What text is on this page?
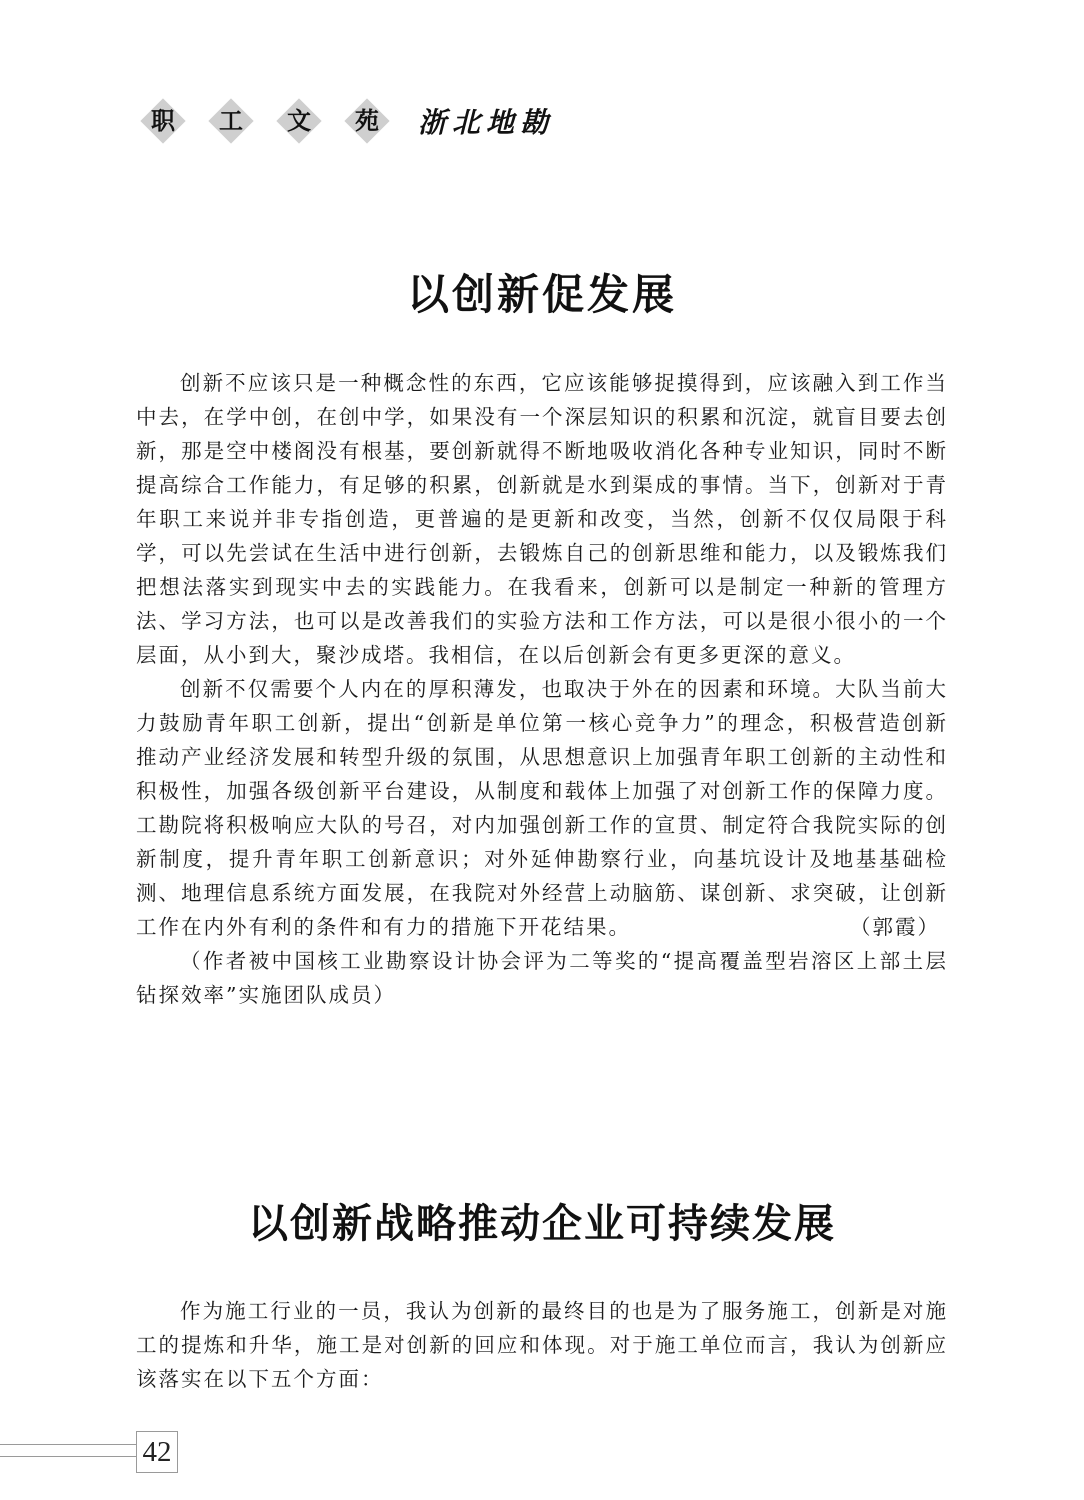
职	工	文	苑	浙北地勘
以创新促发展

创新不应该只是一种概念性的东西，它应该能够捉摸得到，应该融入到工作当中去，在学中创，在创中学，如果没有一个深层知识的积累和沉淀，就盲目要去创新，那是空中楼阁没有根基，要创新就得不断地吸收消化各种专业知识，同时不断提高综合工作能力，有足够的积累，创新就是水到渠成的事情。当下，创新对于青年职工来说并非专指创造，更普遍的是更新和改变，当然，创新不仅仅局限于科学，可以先尝试在生活中进行创新，去锻炼自己的创新思维和能力，以及锻炼我们把想法落实到现实中去的实践能力。在我看来，创新可以是制定一种新的管理方法、学习方法，也可以是改善我们的实验方法和工作方法，可以是很小很小的一个层面，从小到大，聚沙成塔。我相信，在以后创新会有更多更深的意义。

创新不仅需要个人内在的厚积薄发，也取决于外在的因素和环境。大队当前大力鼓励青年职工创新，提出“创新是单位第一核心竞争力”的理念，积极营造创新推动产业经济发展和转型升级的氛围，从思想意识上加强青年职工创新的主动性和积极性，加强各级创新平台建设，从制度和载体上加强了对创新工作的保障力度。工勘院将积极响应大队的号召，对内加强创新工作的宣贯、制定符合我院实际的创新制度，提升青年职工创新意识；对外延伸勘察行业，向基坑设计及地基基础检测、地理信息系统方面发展，在我院对外经营上动脑筋、谋创新、求突破，让创新工作在内外有利的条件和有力的措施下开花结果。	（郭霞）

（作者被中国核工业勘察设计协会评为二等奖的“提高覆盖型岩溶区上部土层钻探效率”实施团队成员）

以创新战略推动企业可持续发展

作为施工行业的一员，我认为创新的最终目的也是为了服务施工，创新是对施工的提炼和升华，施工是对创新的回应和体现。对于施工单位而言，我认为创新应该落实在以下五个方面：

42
